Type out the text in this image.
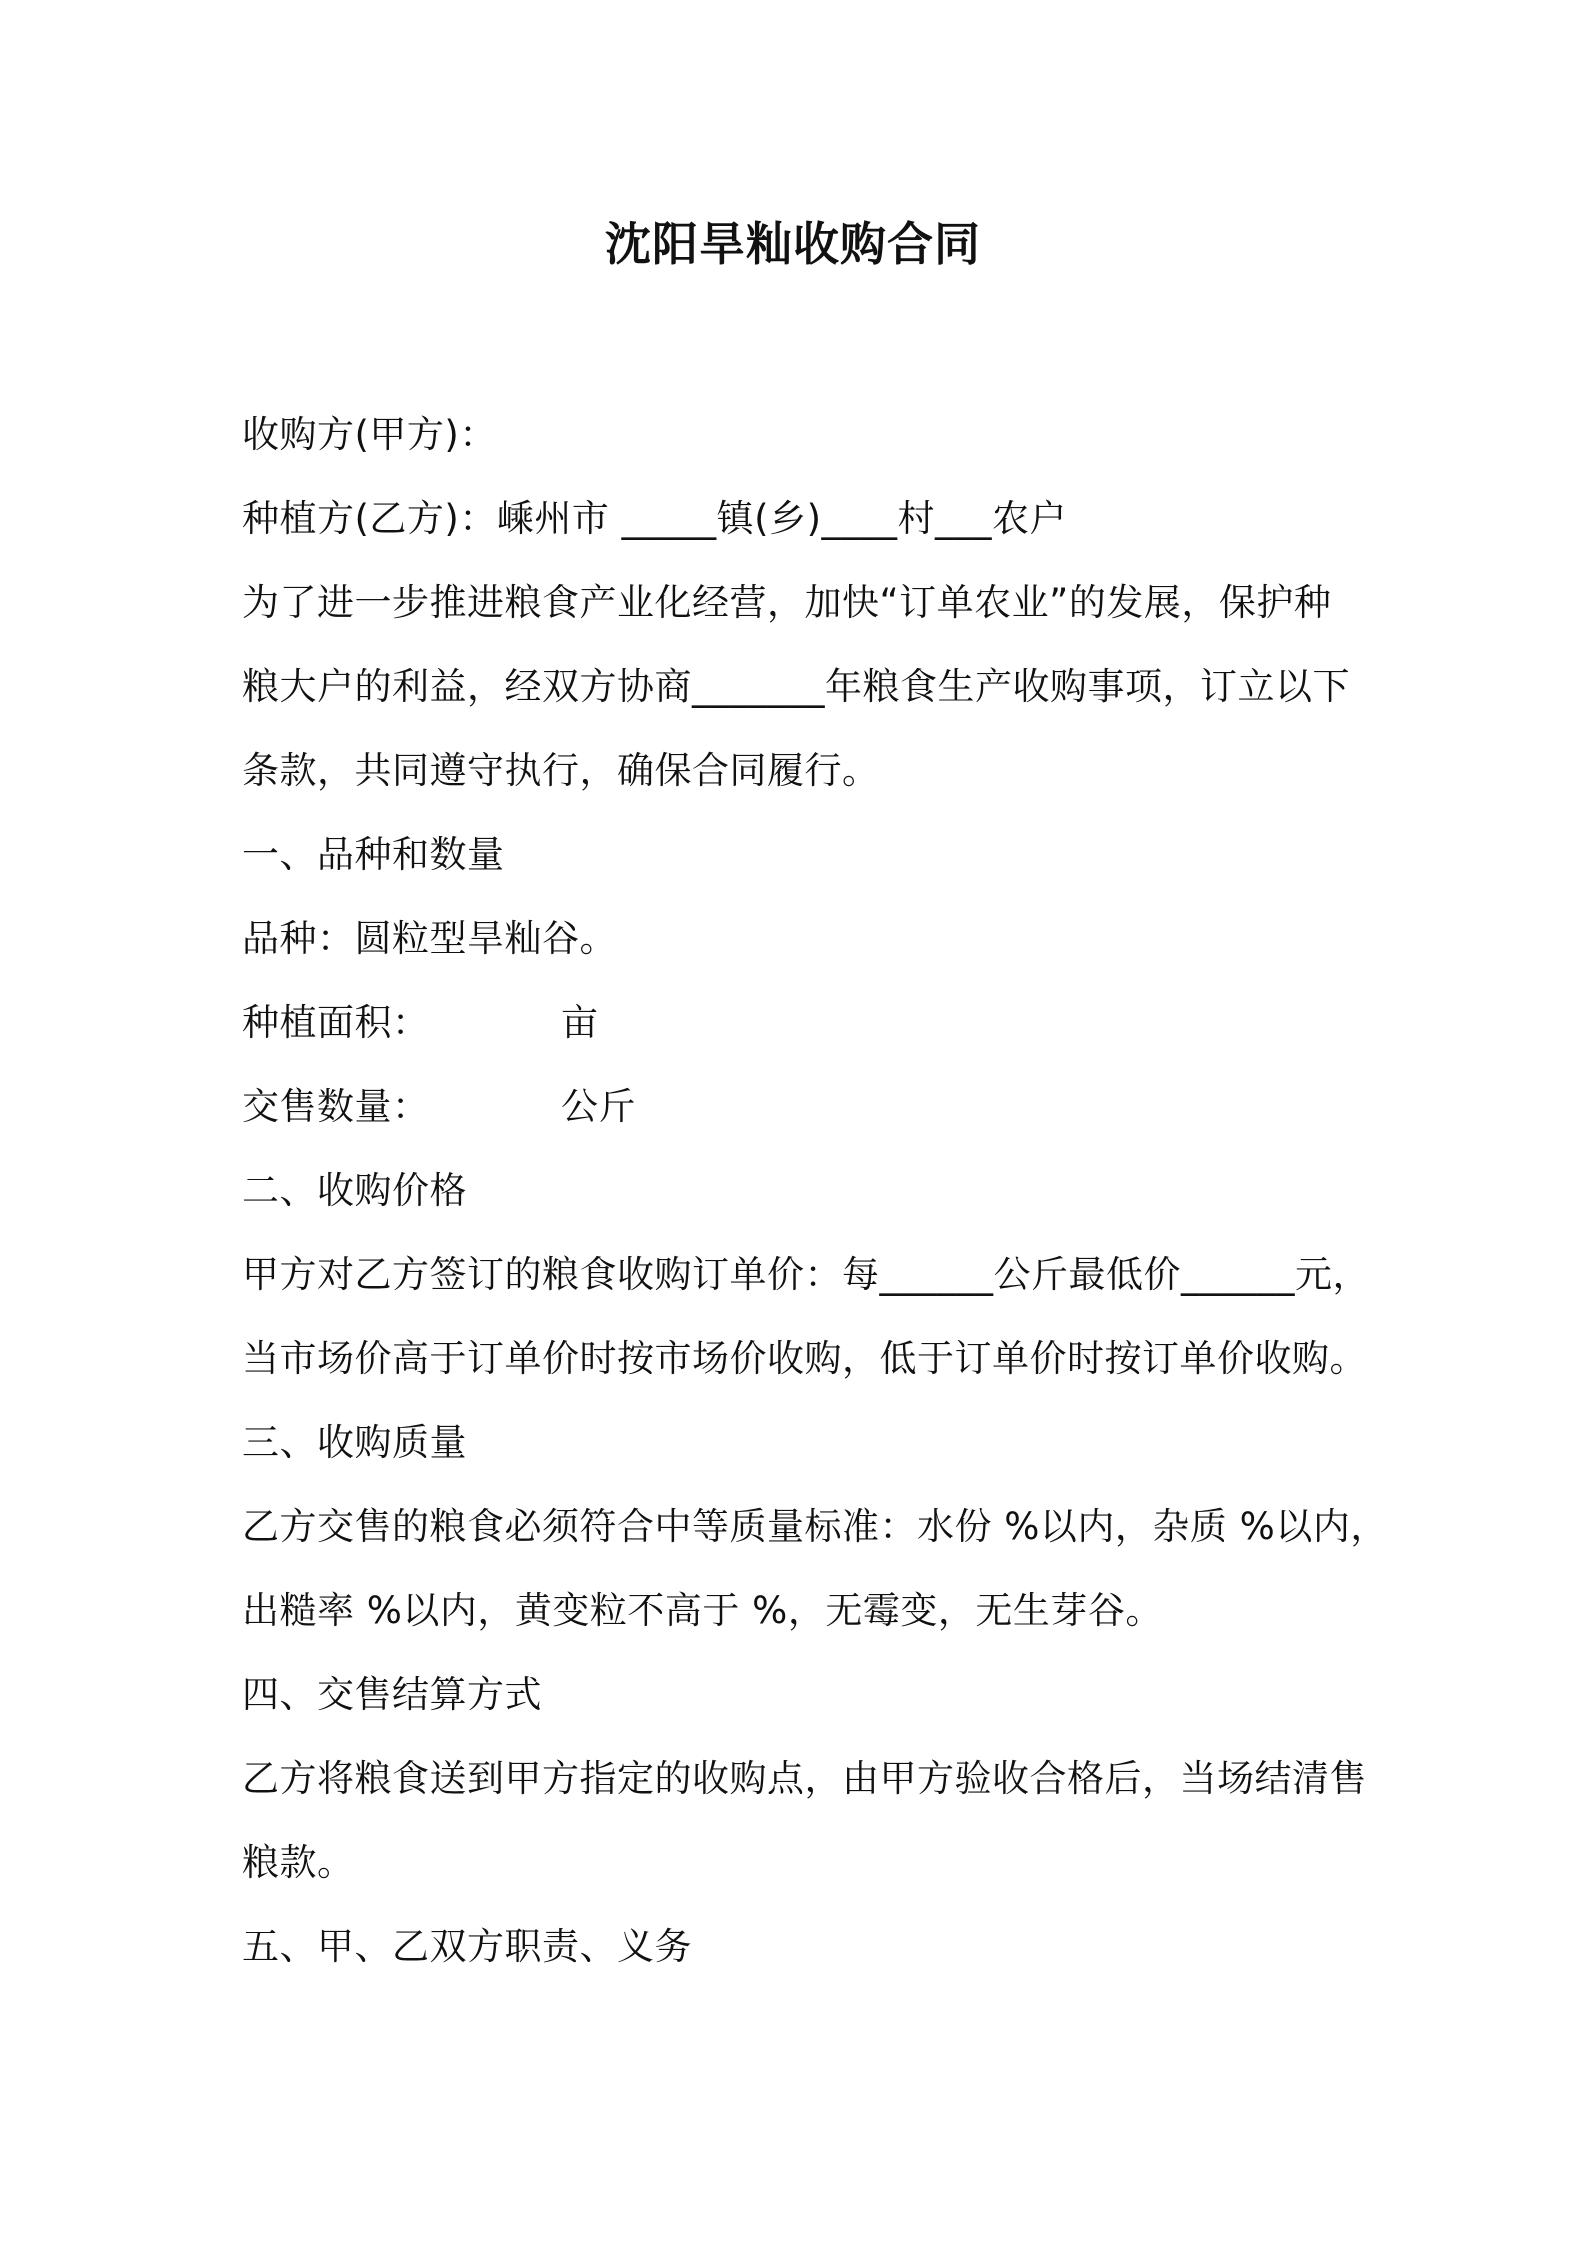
沈阳旱籼收购合同
收购方(甲方)：
种植方(乙方)：嵊州市 _____镇(乡)____村___农户
为了进一步推进粮食产业化经营，加快“订单农业”的发展，保护种
粮大户的利益，经双方协商_______年粮食生产收购事项，订立以下
条款，共同遵守执行，确保合同履行。
一、品种和数量
品种：圆粒型旱籼谷。
种植面积：　　　　亩
交售数量：　　　　公斤
二、收购价格
甲方对乙方签订的粮食收购订单价：每______公斤最低价______元，
当市场价高于订单价时按市场价收购，低于订单价时按订单价收购。
三、收购质量
乙方交售的粮食必须符合中等质量标准：水份 %以内，杂质 %以内，
出糙率 %以内，黄变粒不高于 %，无霉变，无生芽谷。
四、交售结算方式
乙方将粮食送到甲方指定的收购点，由甲方验收合格后，当场结清售
粮款。
五、甲、乙双方职责、义务
